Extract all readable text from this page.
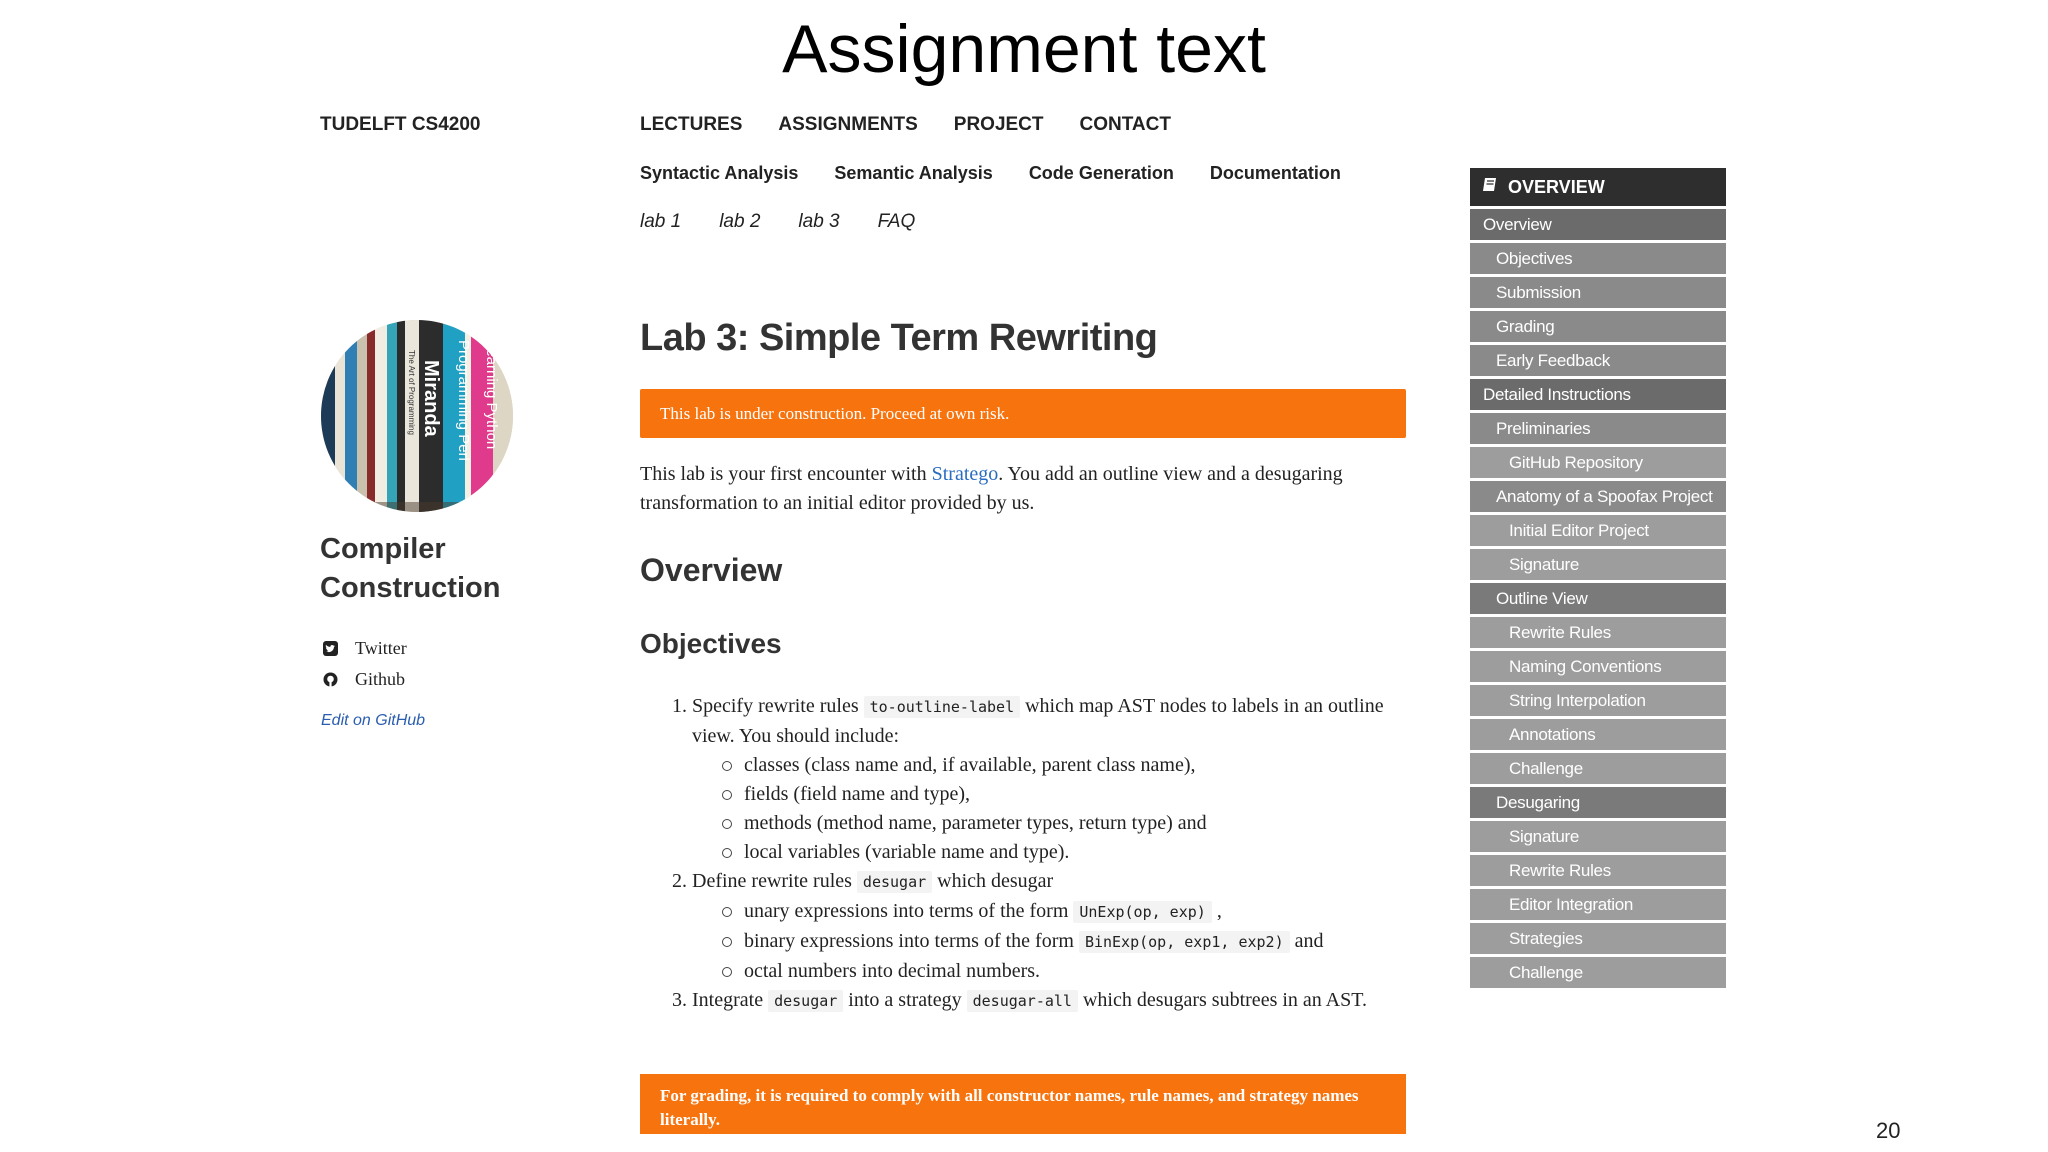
Assignment text
TUDELFT CS4200	LECTURES ASSIGNMENTS PROJECT CONTACT
Syntactic Analysis Semantic Analysis Code Generation Documentation
lab 1 lab 2 lab 3 FAQ
Learning Python
Programming Perl
Miranda
The Art of Programming
Compiler
Construction
Twitter
Github
Edit on GitHub
Lab 3: Simple Term Rewriting
This lab is under construction. Proceed at own risk.

This lab is your first encounter with Stratego. You add an outline view and a desugaring transformation to an initial editor provided by us.

Overview
Objectives
1. Specify rewrite rules to-outline-label which map AST nodes to labels in an outline view. You should include:
classes (class name and, if available, parent class name),
fields (field name and type),
methods (method name, parameter types, return type) and
local variables (variable name and type).
2. Define rewrite rules desugar which desugar
unary expressions into terms of the form UnExp(op, exp) ,
binary expressions into terms of the form BinExp(op, exp1, exp2) and
octal numbers into decimal numbers.
3. Integrate desugar into a strategy desugar-all which desugars subtrees in an AST.
For grading, it is required to comply with all constructor names, rule names, and strategy names literally.
OVERVIEW
Overview
Objectives
Submission
Grading
Early Feedback
Detailed Instructions
Preliminaries
GitHub Repository
Anatomy of a Spoofax Project
Initial Editor Project
Signature
Outline View
Rewrite Rules
Naming Conventions
String Interpolation
Annotations
Challenge
Desugaring
Signature
Rewrite Rules
Editor Integration
Strategies
Challenge
20
